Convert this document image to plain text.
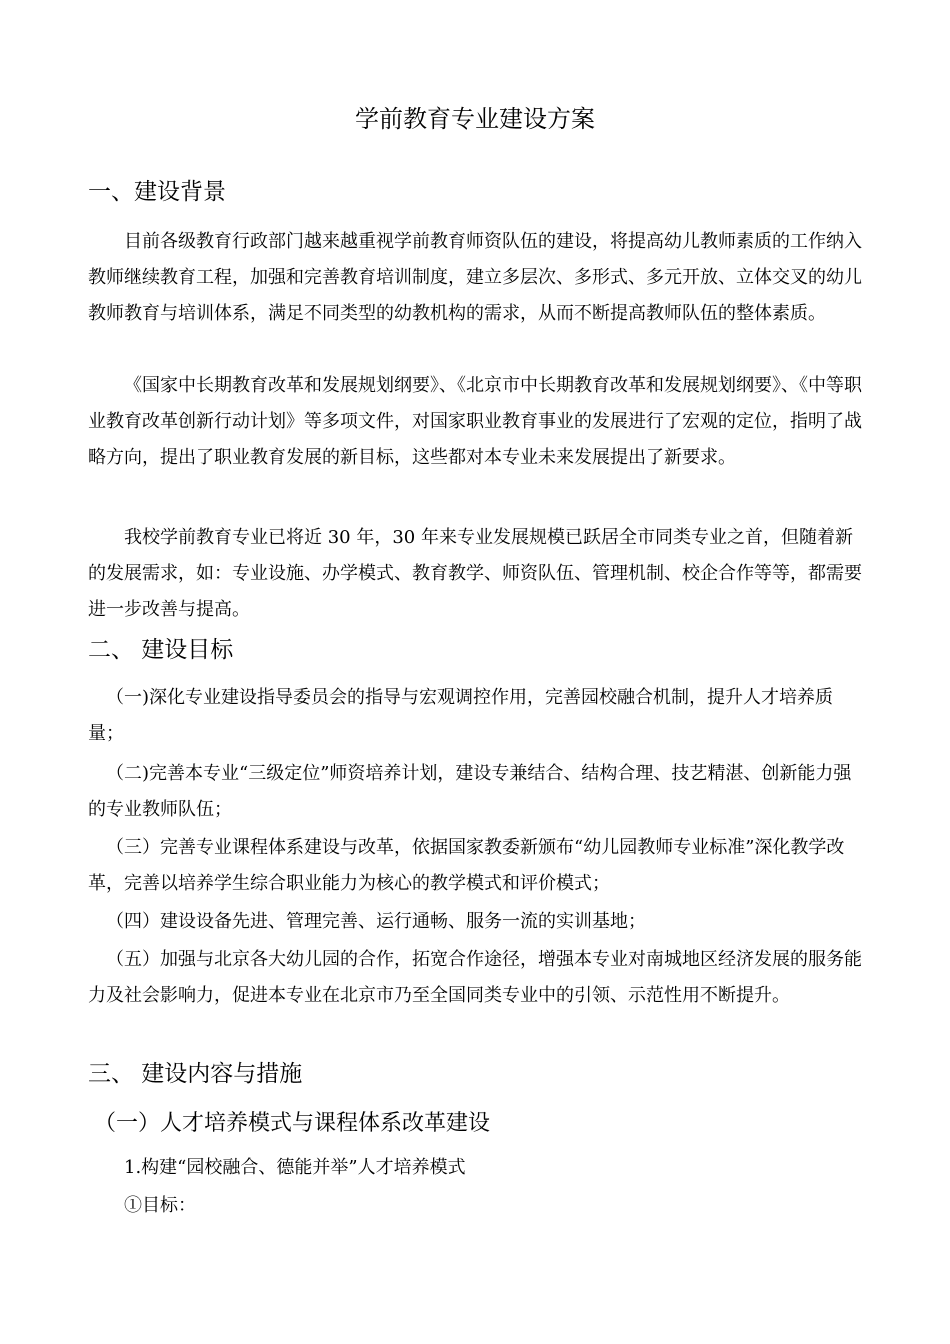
学前教育专业建设方案
一、建设背景

目前各级教育行政部门越来越重视学前教育师资队伍的建设，将提高幼儿教师素质的工作纳入教师继续教育工程，加强和完善教育培训制度，建立多层次、多形式、多元开放、立体交叉的幼儿教师教育与培训体系，满足不同类型的幼教机构的需求，从而不断提高教师队伍的整体素质。

《国家中长期教育改革和发展规划纲要》、《北京市中长期教育改革和发展规划纲要》、《中等职业教育改革创新行动计划》等多项文件，对国家职业教育事业的发展进行了宏观的定位，指明了战略方向，提出了职业教育发展的新目标，这些都对本专业未来发展提出了新要求。

我校学前教育专业已将近 30 年，30 年来专业发展规模已跃居全市同类专业之首，但随着新的发展需求，如：专业设施、办学模式、教育教学、师资队伍、管理机制、校企合作等等，都需要进一步改善与提高。

二、 建设目标

（一)深化专业建设指导委员会的指导与宏观调控作用，完善园校融合机制，提升人才培养质量；

（二)完善本专业“三级定位”师资培养计划，建设专兼结合、结构合理、技艺精湛、创新能力强的专业教师队伍；

（三）完善专业课程体系建设与改革，依据国家教委新颁布“幼儿园教师专业标准”深化教学改革，完善以培养学生综合职业能力为核心的教学模式和评价模式；

（四）建设设备先进、管理完善、运行通畅、服务一流的实训基地；

（五）加强与北京各大幼儿园的合作，拓宽合作途径，增强本专业对南城地区经济发展的服务能力及社会影响力，促进本专业在北京市乃至全国同类专业中的引领、示范性用不断提升。

三、 建设内容与措施
（一）人才培养模式与课程体系改革建设
1.构建“园校融合、德能并举”人才培养模式
①目标：
